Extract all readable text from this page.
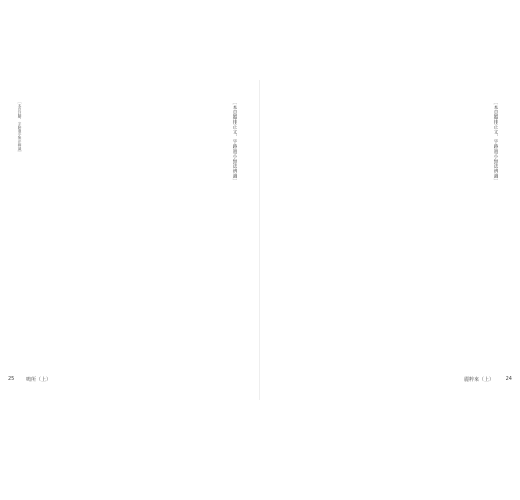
［本頁註腳，字跡過小無法辨識］	［本頁縱排正文，字跡過小無法辨識］
25 鳴所（上）
［本頁縱排正文，字跡過小無法辨識］
麗粹來（上） 24
